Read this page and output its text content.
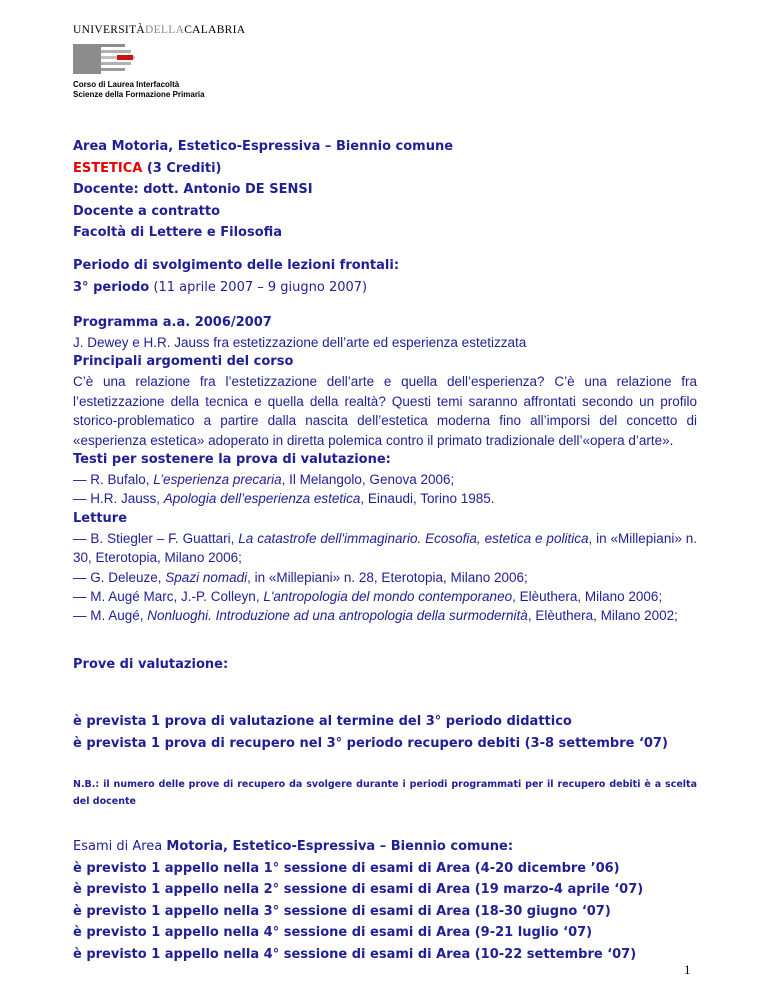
UNIVERSITÀDELLACALABRIA
Corso di Laurea Interfacoltà
Scienze della Formazione Primaria
Area Motoria, Estetico-Espressiva – Biennio comune
ESTETICA (3 Crediti)
Docente: dott. Antonio DE SENSI
Docente a contratto
Facoltà di Lettere e Filosofia
Periodo di svolgimento delle lezioni frontali:
3° periodo (11 aprile 2007 – 9 giugno 2007)
Programma a.a. 2006/2007
J. Dewey e H.R. Jauss fra estetizzazione dell’arte ed esperienza estetizzata
Principali argomenti del corso
C’è una relazione fra l’estetizzazione dell’arte e quella dell’esperienza? C’è una relazione fra l’estetizzazione della tecnica e quella della realtà? Questi temi saranno affrontati secondo un profilo storico-problematico a partire dalla nascita dell’estetica moderna fino all’imporsi del concetto di «esperienza estetica» adoperato in diretta polemica contro il primato tradizionale dell’«opera d’arte».
Testi per sostenere la prova di valutazione:
— R. Bufalo, L’esperienza precaria, Il Melangolo, Genova 2006;
— H.R. Jauss, Apologia dell’esperienza estetica, Einaudi, Torino 1985.
Letture
— B. Stiegler – F. Guattari, La catastrofe dell'immaginario. Ecosofia, estetica e politica, in «Millepiani» n. 30, Eterotopia, Milano 2006;
— G. Deleuze, Spazi nomadi, in «Millepiani» n. 28, Eterotopia, Milano 2006;
— M. Augé Marc, J.-P. Colleyn, L'antropologia del mondo contemporaneo, Elèuthera, Milano 2006;
— M. Augé, Nonluoghi. Introduzione ad una antropologia della surmodernità, Elèuthera, Milano 2002;
Prove di valutazione:
è prevista 1 prova di valutazione al termine del 3° periodo didattico
è prevista 1 prova di recupero nel 3° periodo recupero debiti (3-8 settembre ‘07)
N.B.: il numero delle prove di recupero da svolgere durante i periodi programmati per il recupero debiti è a scelta del docente
Esami di Area Motoria, Estetico-Espressiva – Biennio comune:
è previsto 1 appello nella 1° sessione di esami di Area (4-20 dicembre ’06)
è previsto 1 appello nella 2° sessione di esami di Area (19 marzo-4 aprile ‘07)
è previsto 1 appello nella 3° sessione di esami di Area (18-30 giugno ‘07)
è previsto 1 appello nella 4° sessione di esami di Area (9-21 luglio ‘07)
è previsto 1 appello nella 4° sessione di esami di Area (10-22 settembre ‘07)
1
